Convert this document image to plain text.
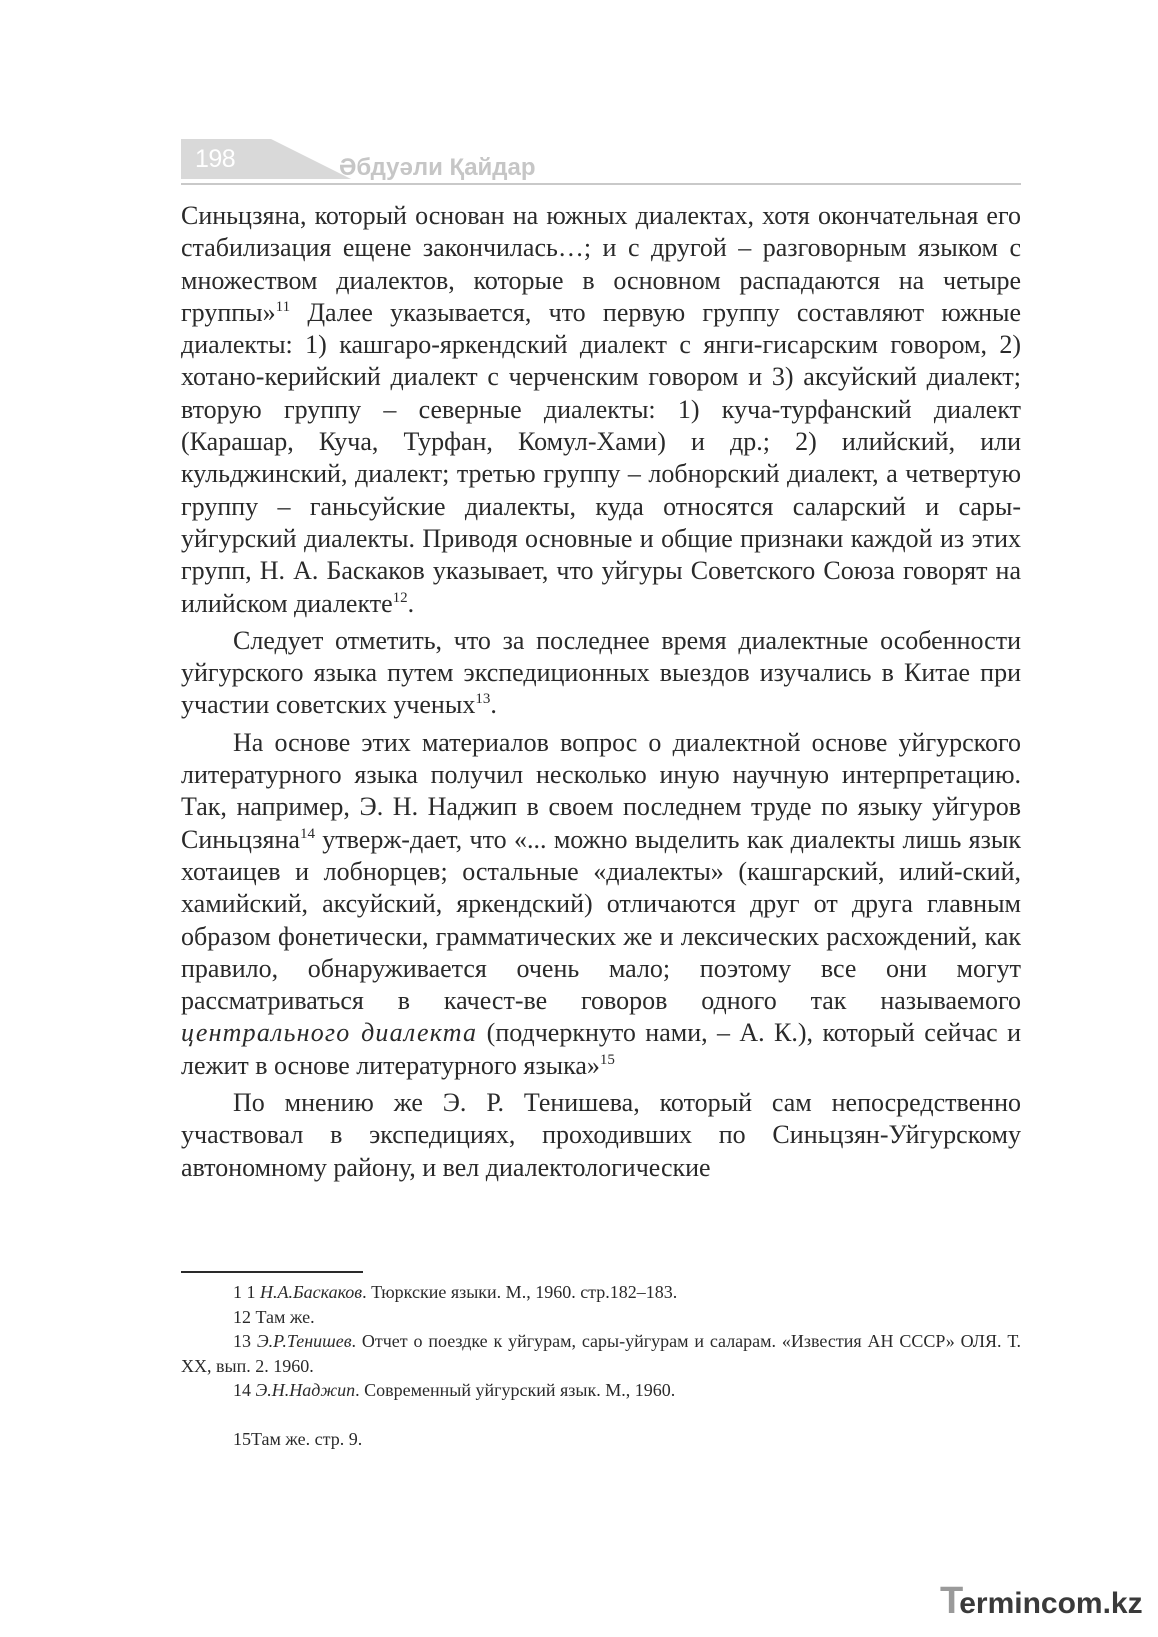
198	Әбдуәли Қайдар

Синьцзяна, который основан на южных диалектах, хотя окончательная его стабилизация ещене закончилась…; и с другой – разговорным языком с множеством диалектов, которые в основном распадаются на четыре группы»$^{11}$ Далее указывается, что первую группу составляют южные диалекты: 1) кашгаро-яркендский диалект с янги-гисарским говором, 2) хотано-керийский диалект с черченским говором и 3) аксуйский диалект; вторую группу – северные диалекты: 1) куча-турфанский диалект (Карашар, Куча, Турфан, Комул-Хами) и др.; 2) илийский, или кульджинский, диалект; третью группу – лобнорский диалект, а четвертую группу – ганьсуйские диалекты, куда относятся саларский и сары-уйгурский диалекты. Приводя основные и общие признаки каждой из этих групп, Н. А. Баскаков указывает, что уйгуры Советского Союза говорят на илийском диалекте$^{12}$.

Следует отметить, что за последнее время диалектные особенности уйгурского языка путем экспедиционных выездов изучались в Китае при участии советских ученых$^{13}$.

На основе этих материалов вопрос о диалектной основе уйгурского литературного языка получил несколько иную научную интерпретацию. Так, например, Э. Н. Наджип в своем последнем труде по языку уйгуров Синьцзяна$^{14}$ утверж-дает, что «... можно выделить как диалекты лишь язык хотаицев и лобнорцев; остальные «диалекты» (кашгарский, илий-ский, хамийский, аксуйский, яркендский) отличаются друг от друга главным образом фонетически, грамматических же и лексических расхождений, как правило, обнаруживается очень мало; поэтому все они могут рассматриваться в качест-ве говоров одного так называемого центрального диалекта (подчеркнуто нами, – А. К.), который сейчас и лежит в основе литературного языка»$^{15}$

По мнению же Э. Р. Тенишева, который сам непосредственно участвовал в экспедициях, проходивших по Синьцзян-Уйгурскому автономному району, и вел диалектологические

1 1 Н.А.Баскаков. Тюркские языки. М., 1960. стр.182–183.

12 Там же.

13 Э.Р.Тенишев. Отчет о поездке к уйгурам, сары-уйгурам и саларам. «Известия АН СССР» ОЛЯ. Т. XX, вып. 2. 1960.

14 Э.Н.Наджип. Современный уйгурский язык. М., 1960.

15Там же. стр. 9.

Termincom.kz
